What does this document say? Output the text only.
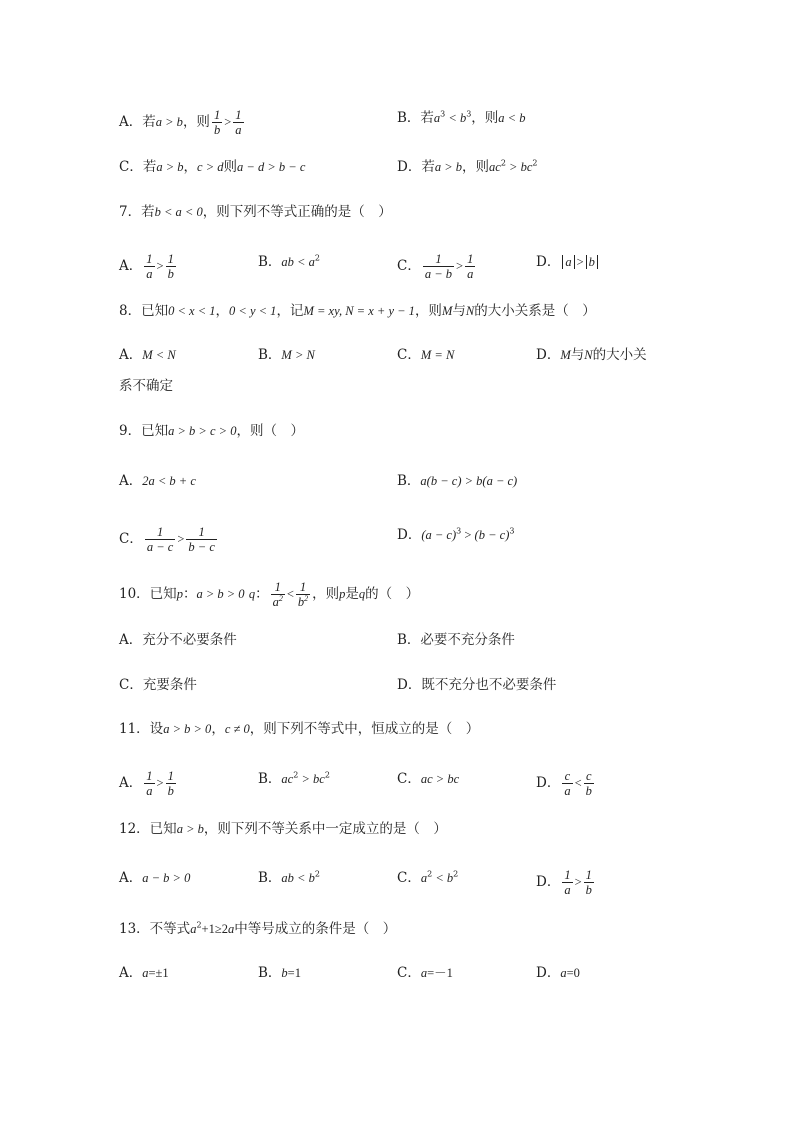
A．若a > b，则 $\frac{1}{b} > \frac{1}{a}$	B．若$a^3 < b^3$，则a < b
C．若a > b，c > d则a − d > b − c	D．若a > b，则$ac^2 > bc^2$
7．若b < a < 0，则下列不等式正确的是（　）
A． $\frac{1}{a} > \frac{1}{b}$	B．ab < $a^2$	C． $\frac{1}{a - b} > \frac{1}{a}$	D． a > b
8．已知0 < x < 1，0 < y < 1，记M = xy, N = x + y − 1，则M与N的大小关系是（　）
A．M < N	B．M > N	C．M = N	D．M与N的大小关
系不确定
9．已知a > b > c > 0，则（　）
A．2a < b + c	B．a(b − c) > b(a − c)
C． $\frac{1}{a - c} > \frac{1}{b - c}$	D．$(a - c)^3 > (b - c)^3$
10．已知p：a > b > 0 q： $\frac{1}{a^2} < \frac{1}{b^2}$ ，则p是q的（　）
A．充分不必要条件	B．必要不充分条件
C．充要条件	D．既不充分也不必要条件
11．设a > b > 0，c ≠ 0，则下列不等式中，恒成立的是（　）
A． $\frac{1}{a} > \frac{1}{b}$	B．$ac^2 > bc^2$	C．ac > bc	D． $\frac{c}{a} < \frac{c}{b}$
12．已知a > b，则下列不等关系中一定成立的是（　）
A．a − b > 0	B．ab < $b^2$	C．$a^2 < b^2$	D． $\frac{1}{a} > \frac{1}{b}$
13．不等式$a^2+1\ge 2a$中等号成立的条件是（　）
A．a=±1	B．b=1	C．a=－1	D．a=0
